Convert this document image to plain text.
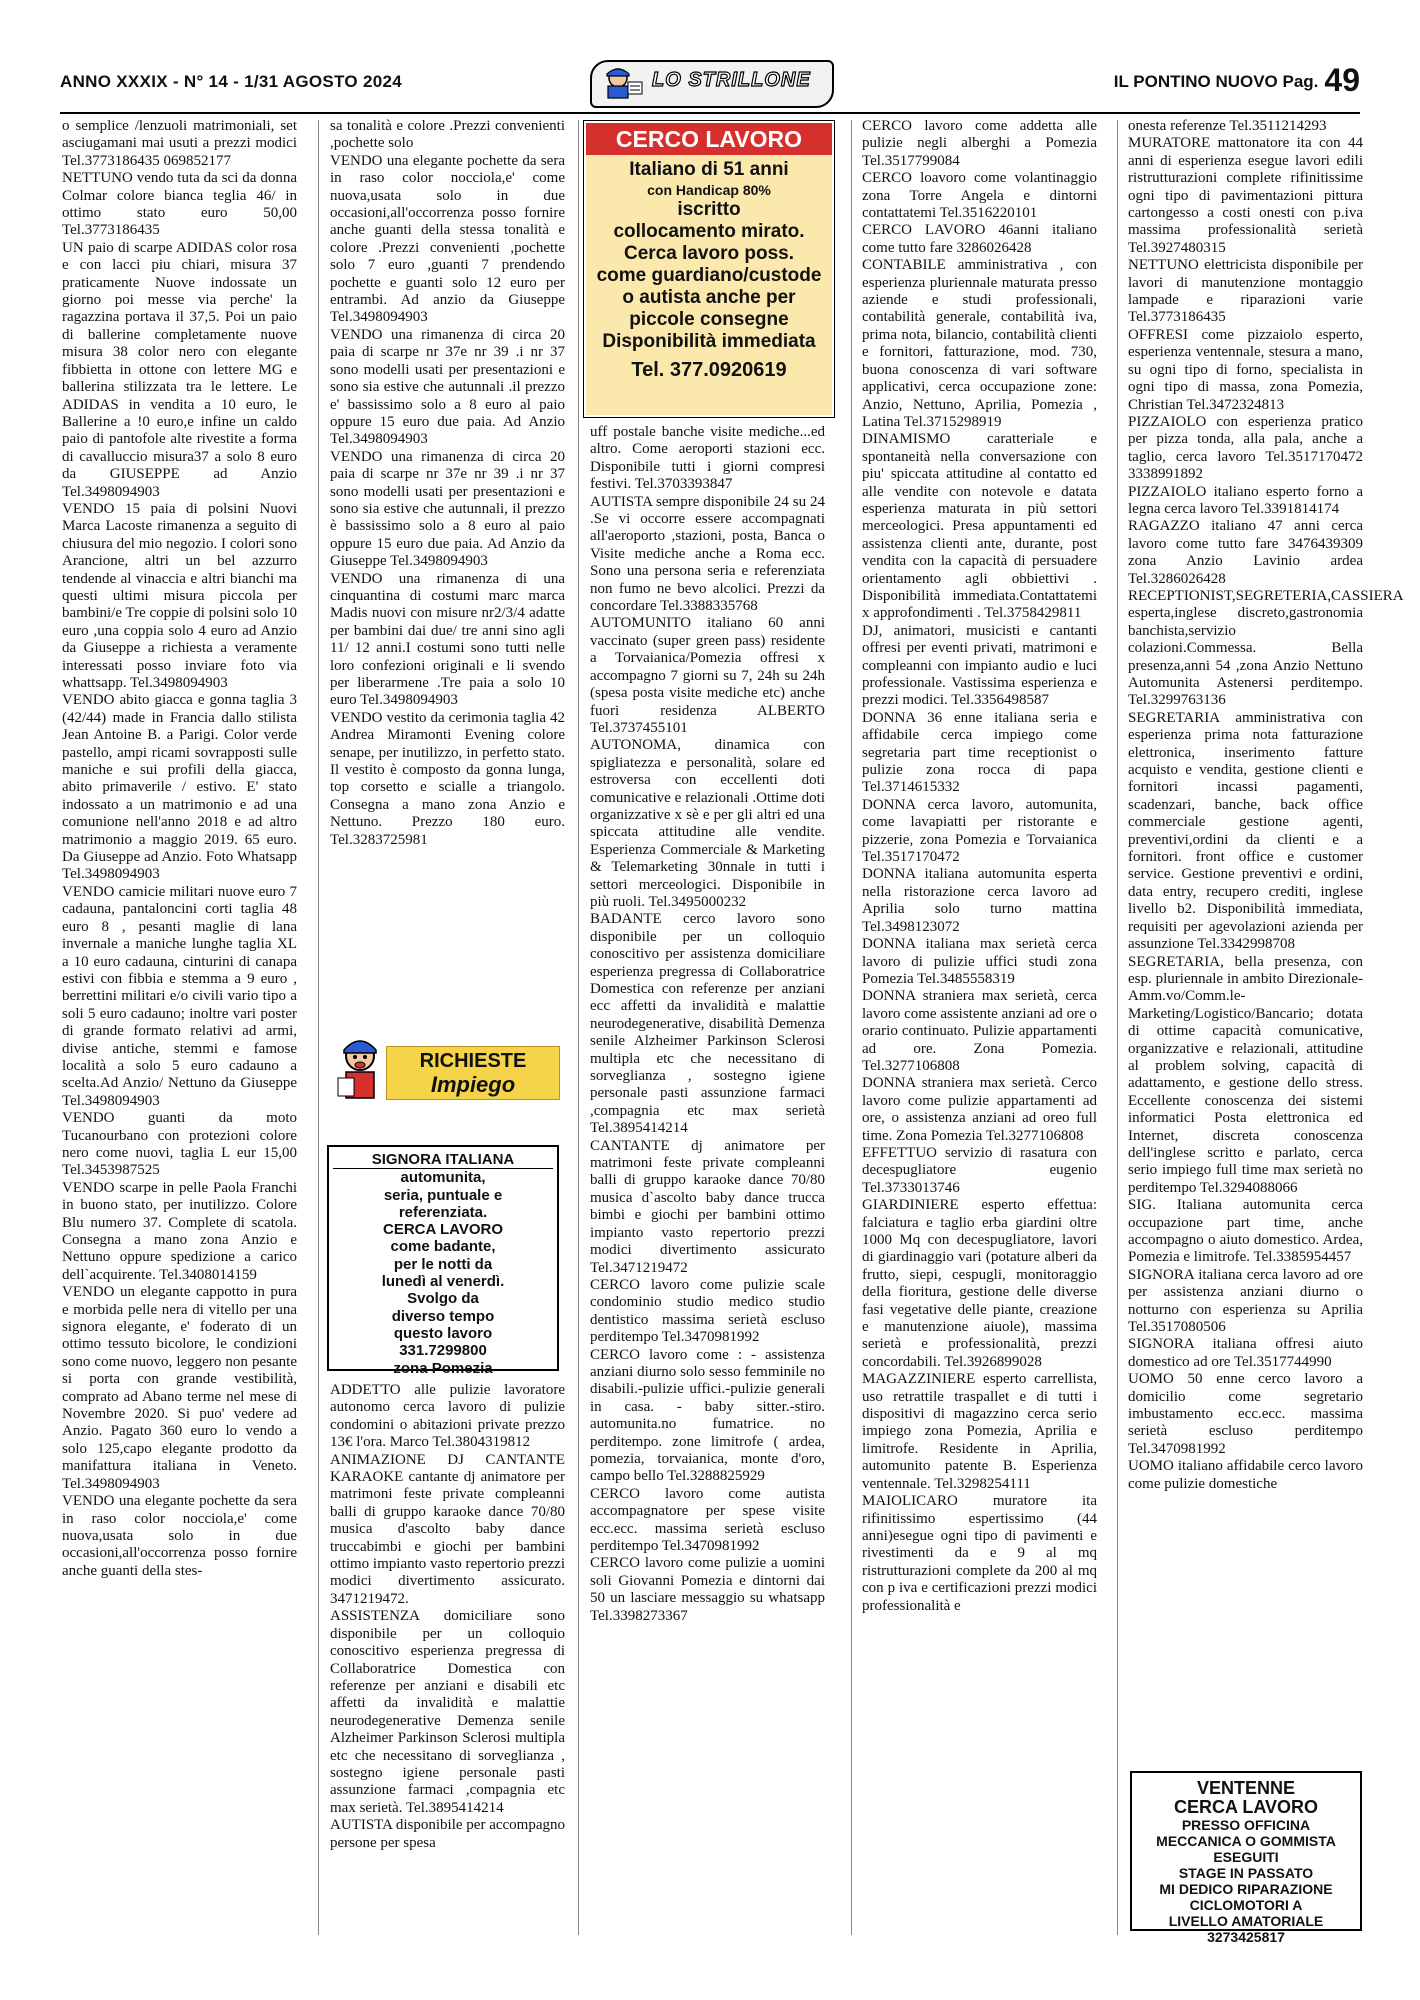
ANNO XXXIX - N° 14 - 1/31 AGOSTO 2024	LO STRILLONE	IL PONTINO NUOVO Pag. 49

o semplice /lenzuoli matrimoniali, set asciugamani mai usuti a prezzi modici Tel.3773186435 069852177

NETTUNO vendo tuta da sci da donna Colmar colore bianca teglia 46/ in ottimo stato euro 50,00 Tel.3773186435

UN paio di scarpe ADIDAS color rosa e con lacci piu chiari, misura 37 praticamente Nuove indossate un giorno poi messe via perche' la ragazzina portava il 37,5. Poi un paio di ballerine completamente nuove misura 38 color nero con elegante fibbietta in ottone con lettere MG e ballerina stilizzata tra le lettere. Le ADIDAS in vendita a 10 euro, le Ballerine a !0 euro,e infine un caldo paio di pantofole alte rivestite a forma di cavalluccio misura37 a solo 8 euro da GIUSEPPE ad Anzio Tel.3498094903

VENDO 15 paia di polsini Nuovi Marca Lacoste rimanenza a seguito di chiusura del mio negozio. I colori sono Arancione, altri un bel azzurro tendende al vinaccia e altri bianchi ma questi ultimi misura piccola per bambini/e Tre coppie di polsini solo 10 euro ,una coppia solo 4 euro ad Anzio da Giuseppe a richiesta a veramente interessati posso inviare foto via whattsapp. Tel.3498094903

VENDO abito giacca e gonna taglia 3 (42/44) made in Francia dallo stilista Jean Antoine B. a Parigi. Color verde pastello, ampi ricami sovrapposti sulle maniche e sui profili della giacca, abito primaverile / estivo. E' stato indossato a un matrimonio e ad una comunione nell'anno 2018 e ad altro matrimonio a maggio 2019. 65 euro. Da Giuseppe ad Anzio. Foto Whatsapp Tel.3498094903

VENDO camicie militari nuove euro 7 cadauna, pantaloncini corti taglia 48 euro 8 , pesanti maglie di lana invernale a maniche lunghe taglia XL a 10 euro cadauna, cinturini di canapa estivi con fibbia e stemma a 9 euro , berrettini militari e/o civili vario tipo a soli 5 euro cadauno; inoltre vari poster di grande formato relativi ad armi, divise antiche, stemmi e famose località a solo 5 euro cadauno a scelta.Ad Anzio/ Nettuno da Giuseppe Tel.3498094903

VENDO guanti da moto Tucanourbano con protezioni colore nero come nuovi, taglia L eur 15,00 Tel.3453987525

VENDO scarpe in pelle Paola Franchi in buono stato, per inutilizzo. Colore Blu numero 37. Complete di scatola. Consegna a mano zona Anzio e Nettuno oppure spedizione a carico dell`acquirente. Tel.3408014159

VENDO un elegante cappotto in pura e morbida pelle nera di vitello per una signora elegante, e' foderato di un ottimo tessuto bicolore, le condizioni sono come nuovo, leggero non pesante si porta con grande vestibilità, comprato ad Abano terme nel mese di Novembre 2020. Si puo' vedere ad Anzio. Pagato 360 euro lo vendo a solo 125,capo elegante prodotto da manifattura italiana in Veneto. Tel.3498094903

VENDO una elegante pochette da sera in raso color nocciola,e' come nuova,usata solo in due occasioni,all'occorrenza posso fornire anche guanti della stes-

sa tonalità e colore .Prezzi convenienti ,pochette solo

VENDO una elegante pochette da sera in raso color nocciola,e' come nuova,usata solo in due occasioni,all'occorrenza posso fornire anche guanti della stessa tonalità e colore .Prezzi convenienti ,pochette solo 7 euro ,guanti 7 prendendo pochette e guanti solo 12 euro per entrambi. Ad anzio da Giuseppe Tel.3498094903

VENDO una rimanenza di circa 20 paia di scarpe nr 37e nr 39 .i nr 37 sono modelli usati per presentazioni e sono sia estive che autunnali .il prezzo e' bassissimo solo a 8 euro al paio oppure 15 euro due paia. Ad Anzio Tel.3498094903

VENDO una rimanenza di circa 20 paia di scarpe nr 37e nr 39 .i nr 37 sono modelli usati per presentazioni e sono sia estive che autunnali, il prezzo è bassissimo solo a 8 euro al paio oppure 15 euro due paia. Ad Anzio da Giuseppe Tel.3498094903

VENDO una rimanenza di una cinquantina di costumi marc marca Madis nuovi con misure nr2/3/4 adatte per bambini dai due/ tre anni sino agli 11/ 12 anni.I costumi sono tutti nelle loro confezioni originali e li svendo per liberarmene .Tre paia a solo 10 euro Tel.3498094903

VENDO vestito da cerimonia taglia 42 Andrea Miramonti Evening colore senape, per inutilizzo, in perfetto stato. Il vestito è composto da gonna lunga, top corsetto e scialle a triangolo. Consegna a mano zona Anzio e Nettuno. Prezzo 180 euro. Tel.3283725981

RICHIESTE
Impiego
SIGNORA ITALIANA
automunita,
seria, puntuale e
referenziata.
CERCA LAVORO
come badante,
per le notti da
lunedì al venerdì.
Svolgo da
diverso tempo
questo lavoro
331.7299800
zona Pomezia

ADDETTO alle pulizie lavoratore autonomo cerca lavoro di pulizie condomini o abitazioni private prezzo 13€ l'ora. Marco Tel.3804319812

ANIMAZIONE DJ CANTANTE KARAOKE cantante dj animatore per matrimoni feste private compleanni balli di gruppo karaoke dance 70/80 musica d'ascolto baby dance truccabimbi e giochi per bambini ottimo impianto vasto repertorio prezzi modici divertimento assicurato. 3471219472.

ASSISTENZA domiciliare sono disponibile per un colloquio conoscitivo esperienza pregressa di Collaboratrice Domestica con referenze per anziani e disabili etc affetti da invalidità e malattie neurodegenerative Demenza senile Alzheimer Parkinson Sclerosi multipla etc che necessitano di sorveglianza , sostegno igiene personale pasti assunzione farmaci ,compagnia etc max serietà. Tel.3895414214

AUTISTA disponibile per accompagno persone per spesa

CERCO LAVORO
Italiano di 51 anni
con Handicap 80%
iscritto
collocamento mirato.
Cerca lavoro poss.
come guardiano/custode
o autista anche per
piccole consegne
Disponibilità immediata
Tel. 377.0920619

uff postale banche visite mediche...ed altro. Come aeroporti stazioni ecc. Disponibile tutti i giorni compresi festivi. Tel.3703393847

AUTISTA sempre disponibile 24 su 24 .Se vi occorre essere accompagnati all'aeroporto ,stazioni, posta, Banca o Visite mediche anche a Roma ecc. Sono una persona seria e referenziata non fumo ne bevo alcolici. Prezzi da concordare Tel.3388335768

AUTOMUNITO italiano 60 anni vaccinato (super green pass) residente a Torvaianica/Pomezia offresi x accompagno 7 giorni su 7, 24h su 24h (spesa posta visite mediche etc) anche fuori residenza ALBERTO Tel.3737455101

AUTONOMA, dinamica con spigliatezza e personalità, solare ed estroversa con eccellenti doti comunicative e relazionali .Ottime doti organizzative x sè e per gli altri ed una spiccata attitudine alle vendite. Esperienza Commerciale & Marketing & Telemarketing 30nnale in tutti i settori merceologici. Disponibile in più ruoli. Tel.3495000232

BADANTE cerco lavoro sono disponibile per un colloquio conoscitivo per assistenza domiciliare esperienza pregressa di Collaboratrice Domestica con referenze per anziani ecc affetti da invalidità e malattie neurodegenerative, disabilità Demenza senile Alzheimer Parkinson Sclerosi multipla etc che necessitano di sorveglianza , sostegno igiene personale pasti assunzione farmaci ,compagnia etc max serietà Tel.3895414214

CANTANTE dj animatore per matrimoni feste private compleanni balli di gruppo karaoke dance 70/80 musica d`ascolto baby dance trucca bimbi e giochi per bambini ottimo impianto vasto repertorio prezzi modici divertimento assicurato Tel.3471219472

CERCO lavoro come pulizie scale condominio studio medico studio dentistico massima serietà escluso perditempo Tel.3470981992

CERCO lavoro come : - assistenza anziani diurno solo sesso femminile no disabili.-pulizie uffici.-pulizie generali in casa. - baby sitter.-stiro. automunita.no fumatrice. no perditempo. zone limitrofe ( ardea, pomezia, torvaianica, monte d'oro, campo bello Tel.3288825929

CERCO lavoro come autista accompagnatore per spese visite ecc.ecc. massima serietà escluso perditempo Tel.3470981992

CERCO lavoro come pulizie a uomini soli Giovanni Pomezia e dintorni dai 50 un lasciare messaggio su whatsapp Tel.3398273367

CERCO lavoro come addetta alle pulizie negli alberghi a Pomezia Tel.3517799084

CERCO loavoro come volantinaggio zona Torre Angela e dintorni contattatemi Tel.3516220101

CERCO LAVORO 46anni italiano come tutto fare 3286026428

CONTABILE amministrativa , con esperienza pluriennale maturata presso aziende e studi professionali, contabilità generale, contabilità iva, prima nota, bilancio, contabilità clienti e fornitori, fatturazione, mod. 730, buona conoscenza di vari software applicativi, cerca occupazione zone: Anzio, Nettuno, Aprilia, Pomezia , Latina Tel.3715298919

DINAMISMO caratteriale e spontaneità nella conversazione con piu' spiccata attitudine al contatto ed alle vendite con notevole e datata esperienza maturata in più settori merceologici. Presa appuntamenti ed assistenza clienti ante, durante, post vendita con la capacità di persuadere orientamento agli obbiettivi . Disponibilità immediata.Contattatemi x approfondimenti . Tel.3758429811

DJ, animatori, musicisti e cantanti offresi per eventi privati, matrimoni e compleanni con impianto audio e luci professionale. Vastissima esperienza e prezzi modici. Tel.3356498587

DONNA 36 enne italiana seria e affidabile cerca impiego come segretaria part time receptionist o pulizie zona rocca di papa Tel.3714615332

DONNA cerca lavoro, automunita, come lavapiatti per ristorante e pizzerie, zona Pomezia e Torvaianica Tel.3517170472

DONNA italiana automunita esperta nella ristorazione cerca lavoro ad Aprilia solo turno mattina Tel.3498123072

DONNA italiana max serietà cerca lavoro di pulizie uffici studi zona Pomezia Tel.3485558319

DONNA straniera max serietà, cerca lavoro come assistente anziani ad ore o orario continuato. Pulizie appartamenti ad ore. Zona Pomezia. Tel.3277106808

DONNA straniera max serietà. Cerco lavoro come pulizie appartamenti ad ore, o assistenza anziani ad oreo full time. Zona Pomezia Tel.3277106808

EFFETTUO servizio di rasatura con decespugliatore eugenio Tel.3733013746

GIARDINIERE esperto effettua: falciatura e taglio erba giardini oltre 1000 Mq con decespugliatore, lavori di giardinaggio vari (potature alberi da frutto, siepi, cespugli, monitoraggio della fioritura, gestione delle diverse fasi vegetative delle piante, creazione e manutenzione aiuole), massima serietà e professionalità, prezzi concordabili. Tel.3926899028

MAGAZZINIERE esperto carrellista, uso retrattile traspallet e di tutti i dispositivi di magazzino cerca serio impiego zona Pomezia, Aprilia e limitrofe. Residente in Aprilia, automunito patente B. Esperienza ventennale. Tel.3298254111

MAIOLICARO muratore ita rifinitissimo espertissimo (44 anni)esegue ogni tipo di pavimenti e rivestimenti da e 9 al mq ristrutturazioni complete da 200 al mq con p iva e certificazioni prezzi modici professionalità e

onesta referenze Tel.3511214293

MURATORE mattonatore ita con 44 anni di esperienza esegue lavori edili ristrutturazioni complete rifinitissime ogni tipo di pavimentazioni pittura cartongesso a costi onesti con p.iva massima professionalità serietà Tel.3927480315

NETTUNO elettricista disponibile per lavori di manutenzione montaggio lampade e riparazioni varie Tel.3773186435

OFFRESI come pizzaiolo esperto, esperienza ventennale, stesura a mano, su ogni tipo di forno, specialista in ogni tipo di massa, zona Pomezia, Christian Tel.3472324813

PIZZAIOLO con esperienza pratico per pizza tonda, alla pala, anche a taglio, cerca lavoro Tel.3517170472 3338991892

PIZZAIOLO italiano esperto forno a legna cerca lavoro Tel.3391814174

RAGAZZO italiano 47 anni cerca lavoro come tutto fare 3476439309 zona Anzio Lavinio ardea Tel.3286026428

RECEPTIONIST,SEGRETERIA,CASSIERA esperta,inglese discreto,gastronomia banchista,servizio colazioni.Commessa. Bella presenza,anni 54 ,zona Anzio Nettuno Automunita Astenersi perditempo. Tel.3299763136

SEGRETARIA amministrativa con esperienza prima nota fatturazione elettronica, inserimento fatture acquisto e vendita, gestione clienti e fornitori incassi pagamenti, scadenzari, banche, back office commerciale gestione agenti, preventivi,ordini da clienti e a fornitori. front office e customer service. Gestione preventivi e ordini, data entry, recupero crediti, inglese livello b2. Disponibilità immediata, requisiti per agevolazioni azienda per assunzione Tel.3342998708

SEGRETARIA, bella presenza, con esp. pluriennale in ambito Direzionale-Amm.vo/Comm.le-Marketing/Logistico/Bancario; dotata di ottime capacità comunicative, organizzative e relazionali, attitudine al problem solving, capacità di adattamento, e gestione dello stress. Eccellente conoscenza dei sistemi informatici Posta elettronica ed Internet, discreta conoscenza dell'inglese scritto e parlato, cerca serio impiego full time max serietà no perditempo Tel.3294088066

SIG. Italiana automunita cerca occupazione part time, anche accompagno o aiuto domestico. Ardea, Pomezia e limitrofe. Tel.3385954457

SIGNORA italiana cerca lavoro ad ore per assistenza anziani diurno o notturno con esperienza su Aprilia Tel.3517080506

SIGNORA italiana offresi aiuto domestico ad ore Tel.3517744990

UOMO 50 enne cerco lavoro a domicilio come segretario imbustamento ecc.ecc. massima serietà escluso perditempo Tel.3470981992

UOMO italiano affidabile cerco lavoro come pulizie domestiche

VENTENNE
CERCA LAVORO
PRESSO OFFICINA
MECCANICA O GOMMISTA
ESEGUITI
STAGE IN PASSATO
MI DEDICO RIPARAZIONE
CICLOMOTORI A
LIVELLO AMATORIALE
3273425817
